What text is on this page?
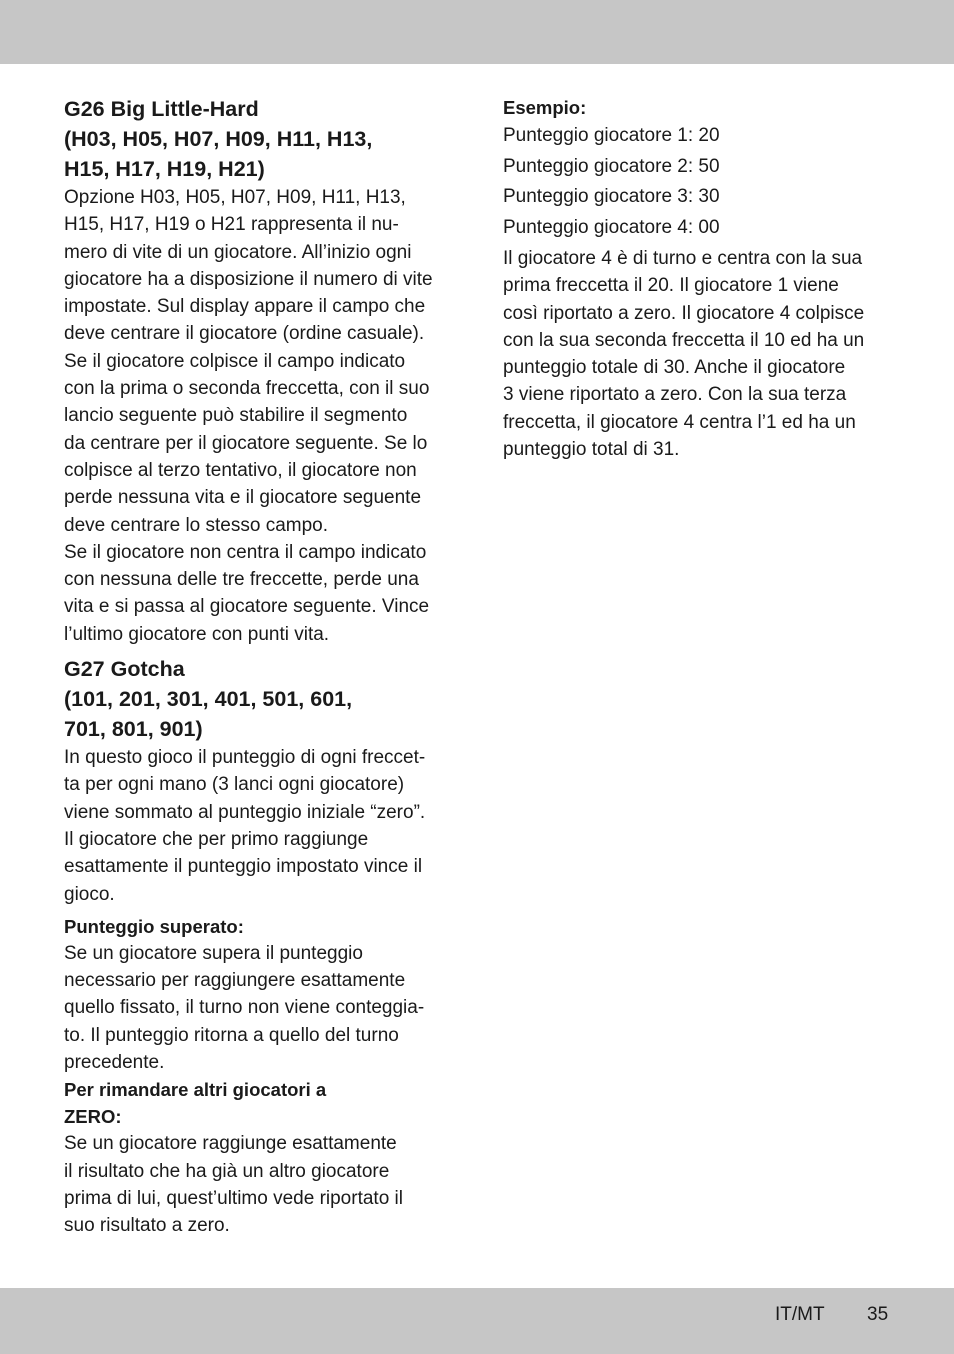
G26 Big Little-Hard
(H03, H05, H07, H09, H11, H13,
H15, H17, H19, H21)

Opzione H03, H05, H07, H09, H11, H13,
H15, H17, H19 o H21 rappresenta il nu-
mero di vite di un giocatore. All’inizio ogni
giocatore ha a disposizione il numero di vite
impostate. Sul display appare il campo che
deve centrare il giocatore (ordine casuale).
Se il giocatore colpisce il campo indicato
con la prima o seconda freccetta, con il suo
lancio seguente può stabilire il segmento
da centrare per il giocatore seguente. Se lo
colpisce al terzo tentativo, il giocatore non
perde nessuna vita e il giocatore seguente
deve centrare lo stesso campo.
Se il giocatore non centra il campo indicato
con nessuna delle tre freccette, perde una
vita e si passa al giocatore seguente. Vince
l’ultimo giocatore con punti vita.

G27 Gotcha
(101, 201, 301, 401, 501, 601,
701, 801, 901)

In questo gioco il punteggio di ogni freccet-
ta per ogni mano (3 lanci ogni giocatore)
viene sommato al punteggio iniziale “zero”.
Il giocatore che per primo raggiunge
esattamente il punteggio impostato vince il
gioco.

Punteggio superato:

Se un giocatore supera il punteggio
necessario per raggiungere esattamente
quello fissato, il turno non viene conteggia-
to. Il punteggio ritorna a quello del turno
precedente.

Per rimandare altri giocatori a
ZERO:

Se un giocatore raggiunge esattamente
il risultato che ha già un altro giocatore
prima di lui, quest’ultimo vede riportato il
suo risultato a zero.

Esempio:

Punteggio giocatore 1: 20

Punteggio giocatore 2: 50

Punteggio giocatore 3: 30

Punteggio giocatore 4: 00

Il giocatore 4 è di turno e centra con la sua
prima freccetta il 20. Il giocatore 1 viene
così riportato a zero. Il giocatore 4 colpisce
con la sua seconda freccetta il 10 ed ha un
punteggio totale di 30. Anche il giocatore
3 viene riportato a zero. Con la sua terza
freccetta, il giocatore 4 centra l’1 ed ha un
punteggio total di 31.

IT/MT 35
